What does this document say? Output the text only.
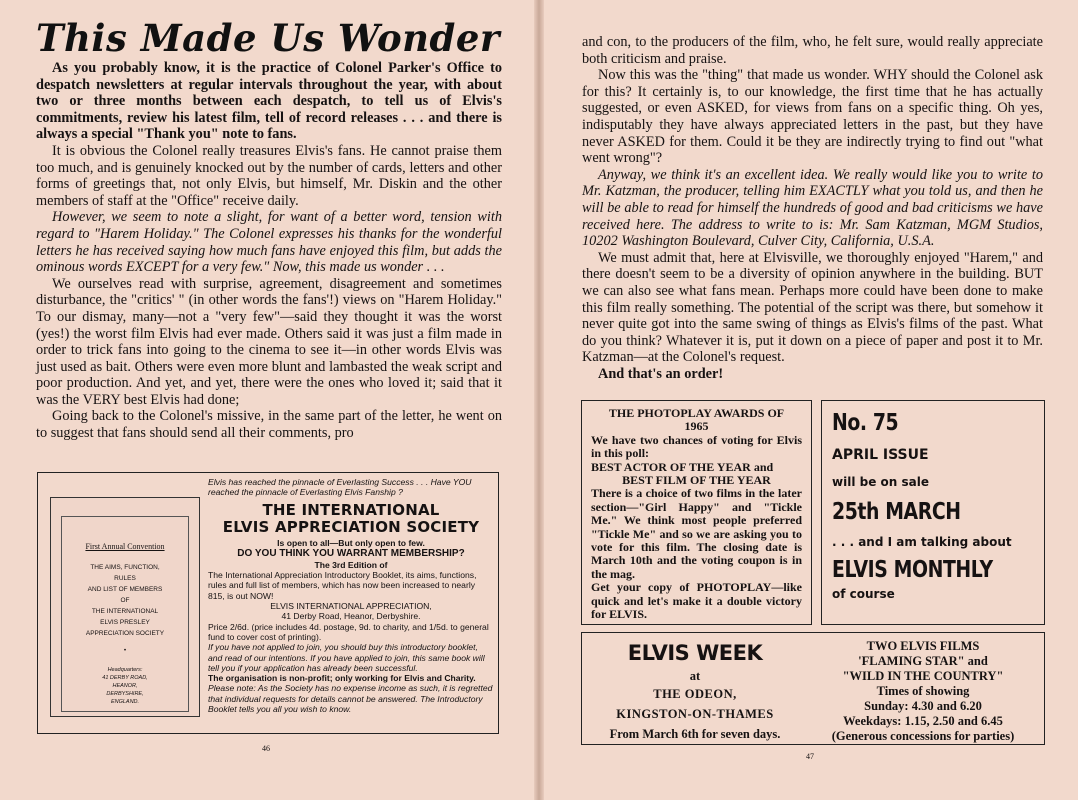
This Made Us Wonder

As you probably know, it is the practice of Colonel Parker's Office to despatch newsletters at regular intervals throughout the year, with about two or three months between each despatch, to tell us of Elvis's commitments, review his latest film, tell of record releases . . . and there is always a special "Thank you" note to fans.

It is obvious the Colonel really treasures Elvis's fans. He cannot praise them too much, and is genuinely knocked out by the number of cards, letters and other forms of greetings that, not only Elvis, but himself, Mr. Diskin and the other members of staff at the "Office" receive daily.

However, we seem to note a slight, for want of a better word, tension with regard to "Harem Holiday." The Colonel expresses his thanks for the wonderful letters he has received saying how much fans have enjoyed this film, but adds the ominous words EXCEPT for a very few." Now, this made us wonder . . .

We ourselves read with surprise, agreement, disagreement and sometimes disturbance, the "critics' " (in other words the fans'!) views on "Harem Holiday." To our dismay, many—not a "very few"—said they thought it was the worst (yes!) the worst film Elvis had ever made. Others said it was just a film made in order to trick fans into going to the cinema to see it—in other words Elvis was just used as bait. Others were even more blunt and lambasted the weak script and poor production. And yet, and yet, there were the ones who loved it; said that it was the VERY best Elvis had done;

Going back to the Colonel's missive, in the same part of the letter, he went on to suggest that fans should send all their comments, pro

First Annual Convention
THE AIMS, FUNCTION,
RULES
AND LIST OF MEMBERS
OF
THE INTERNATIONAL
ELVIS PRESLEY
APPRECIATION SOCIETY
•
Headquarters:
41 DERBY ROAD,
HEANOR,
DERBYSHIRE,
ENGLAND.
Elvis has reached the pinnacle of Everlasting Success . . . Have YOU reached the pinnacle of Everlasting Elvis Fanship ?
THE INTERNATIONAL
ELVIS APPRECIATION SOCIETY
Is open to all—But only open to few.
DO YOU THINK YOU WARRANT MEMBERSHIP?
The 3rd Edition of
The International Appreciation Introductory Booklet, its aims, functions, rules and full list of members, which has now been increased to nearly 815, is out NOW!
ELVIS INTERNATIONAL APPRECIATION,
41 Derby Road, Heanor, Derbyshire.
Price 2/6d. (price includes 4d. postage, 9d. to charity, and 1/5d. to general fund to cover cost of printing).
If you have not applied to join, you should buy this introductory booklet, and read of our intentions. If you have applied to join, this same book will tell you if your application has already been successful.
The organisation is non-profit; only working for Elvis and Charity.
Please note: As the Society has no expense income as such, it is regretted that individual requests for details cannot be answered. The Introductory Booklet tells you all you wish to know.
46

and con, to the producers of the film, who, he felt sure, would really appreciate both criticism and praise.

Now this was the "thing" that made us wonder. WHY should the Colonel ask for this? It certainly is, to our knowledge, the first time that he has actually suggested, or even ASKED, for views from fans on a specific thing. Oh yes, indisputably they have always appreciated letters in the past, but they have never ASKED for them. Could it be they are indirectly trying to find out "what went wrong"?

Anyway, we think it's an excellent idea. We really would like you to write to Mr. Katzman, the producer, telling him EXACTLY what you told us, and then he will be able to read for himself the hundreds of good and bad criticisms we have received here. The address to write to is: Mr. Sam Katzman, MGM Studios, 10202 Washington Boulevard, Culver City, California, U.S.A.

We must admit that, here at Elvisville, we thoroughly enjoyed "Harem," and there doesn't seem to be a diversity of opinion anywhere in the building. BUT we can also see what fans mean. Perhaps more could have been done to make this film really something. The potential of the script was there, but somehow it never quite got into the same swing of things as Elvis's films of the past. What do you think? Whatever it is, put it down on a piece of paper and post it to Mr. Katzman—at the Colonel's request.

And that's an order!

THE PHOTOPLAY AWARDS OF
1965
We have two chances of voting for Elvis in this poll:
BEST ACTOR OF THE YEAR and
BEST FILM OF THE YEAR
There is a choice of two films in the later section—"Girl Happy" and "Tickle Me." We think most people preferred "Tickle Me" and so we are asking you to vote for this film. The closing date is March 10th and the voting coupon is in the mag.
Get your copy of PHOTOPLAY—like quick and let's make it a double victory for ELVIS.
No. 75
APRIL ISSUE
will be on sale
25th MARCH
. . . and I am talking about
ELVIS MONTHLY
of course
ELVIS WEEK
at
THE ODEON,
KINGSTON-ON-THAMES
From March 6th for seven days.
TWO ELVIS FILMS
'FLAMING STAR" and
"WILD IN THE COUNTRY"
Times of showing
Sunday: 4.30 and 6.20
Weekdays: 1.15, 2.50 and 6.45
(Generous concessions for parties)
47
